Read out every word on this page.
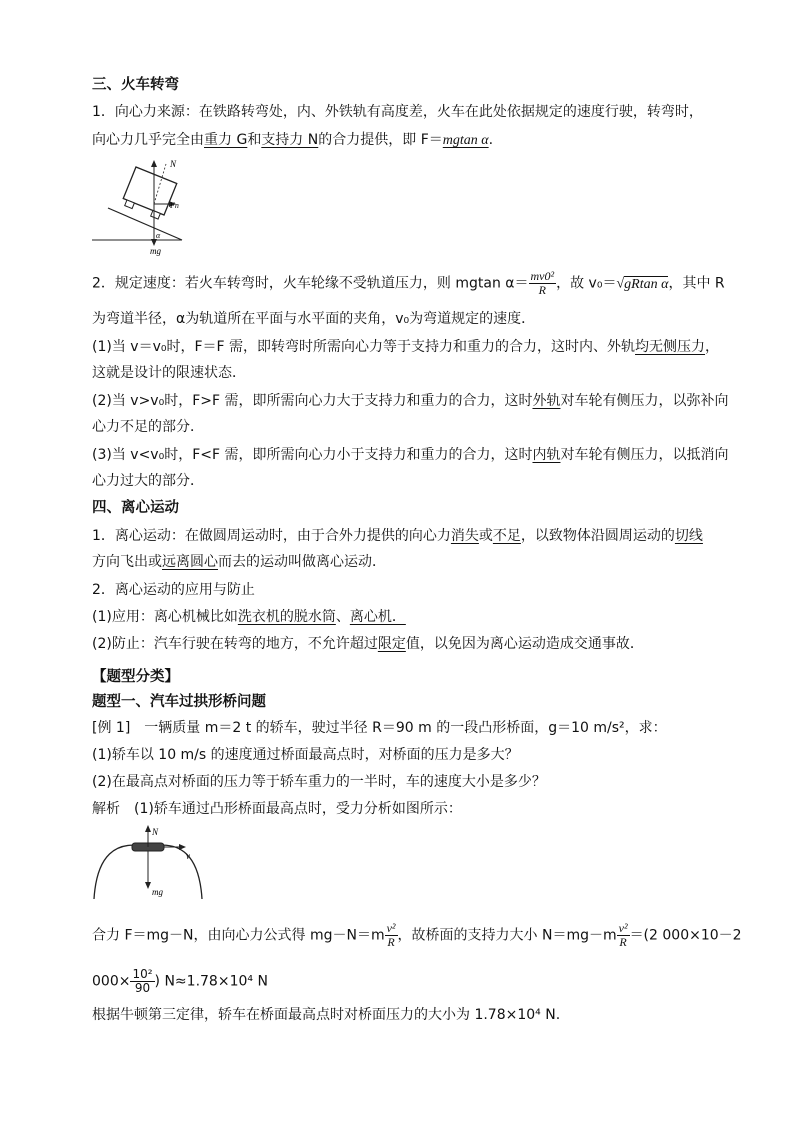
三、火车转弯
1．向心力来源：在铁路转弯处，内、外铁轨有高度差，火车在此处依据规定的速度行驶，转弯时，
向心力几乎完全由重力 G和支持力 N的合力提供，即 F＝mgtan α.
N
Fn
α
mg
2．规定速度：若火车转弯时，火车轮缘不受轨道压力，则 mgtan $\alpha= \frac{\text{mv0²}}{R}$ ，故 v₀＝√gRtan α，其中 R
为弯道半径，α为轨道所在平面与水平面的夹角，v₀为弯道规定的速度．
(1)当 v＝v₀时，F＝F 需，即转弯时所需向心力等于支持力和重力的合力，这时内、外轨均无侧压力，
这就是设计的限速状态．
(2)当 v>v₀时，F>F 需，即所需向心力大于支持力和重力的合力，这时外轨对车轮有侧压力，以弥补向
心力不足的部分．
(3)当 v<v₀时，F<F 需，即所需向心力小于支持力和重力的合力，这时内轨对车轮有侧压力，以抵消向
心力过大的部分．
四、离心运动
1．离心运动：在做圆周运动时，由于合外力提供的向心力消失或不足，以致物体沿圆周运动的切线
方向飞出或远离圆心而去的运动叫做离心运动．
2．离心运动的应用与防止
(1)应用：离心机械比如洗衣机的脱水筒、离心机．
(2)防止：汽车行驶在转弯的地方，不允许超过限定值，以免因为离心运动造成交通事故．
【题型分类】
题型一、汽车过拱形桥问题
[例 1]　一辆质量 m＝2 t 的轿车，驶过半径 R＝90 m 的一段凸形桥面，g＝10 m/s²，求：
(1)轿车以 10 m/s 的速度通过桥面最高点时，对桥面的压力是多大？
(2)在最高点对桥面的压力等于轿车重力的一半时，车的速度大小是多少？
解析　(1)轿车通过凸形桥面最高点时，受力分析如图所示：
N
v
mg
合力 F＝mg－N，由向心力公式得 $mg-N=m \frac{\text{v²}}{R}$ ，故桥面的支持力大小 $N=mg-m \frac{\text{v²}}{R} =(2$ 000×10－2
$000\times \frac{\text{10²}}{90}$ ) N≈1.78×10⁴ N
根据牛顿第三定律，轿车在桥面最高点时对桥面压力的大小为 1.78×10⁴ N.
